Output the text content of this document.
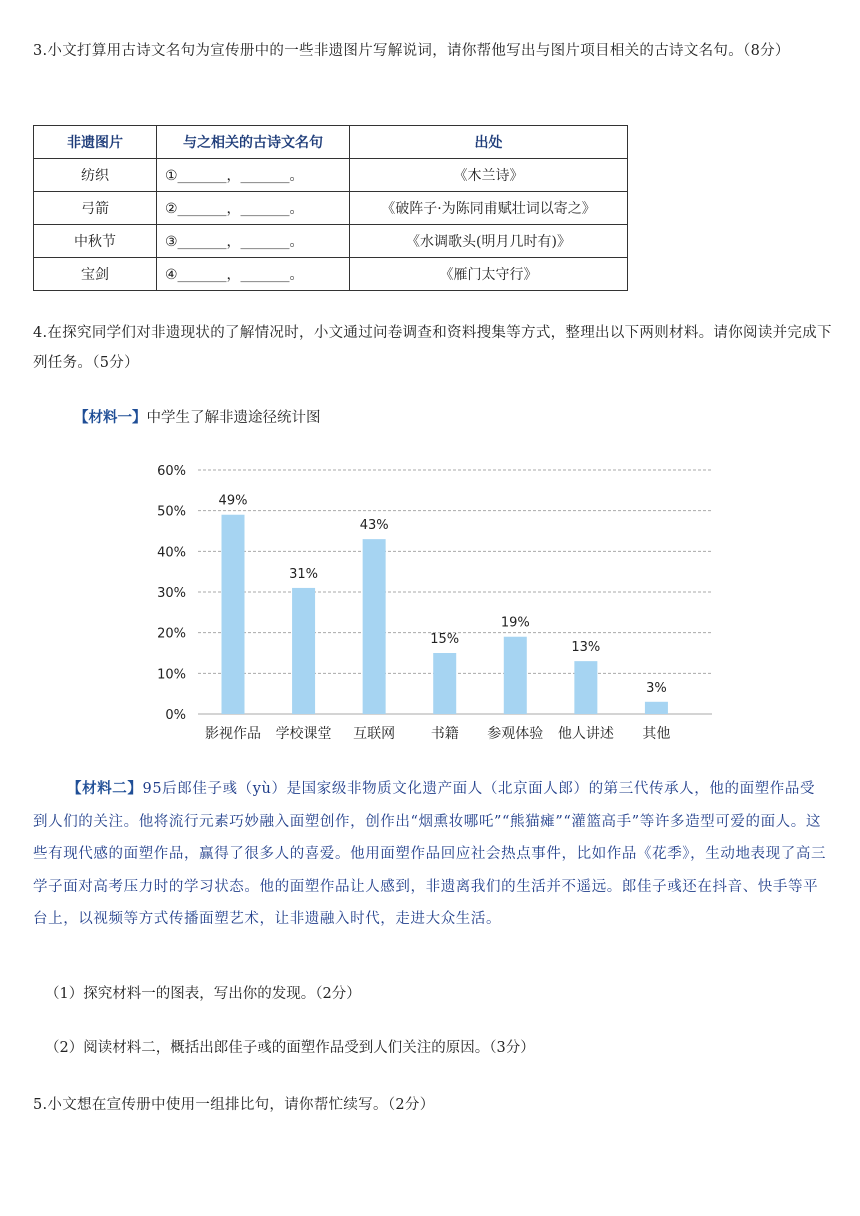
3.小文打算用古诗文名句为宣传册中的一些非遗图片写解说词，请你帮他写出与图片项目相关的古诗文名句。（8分）
非遗图片	与之相关的古诗文名句	出处
纺织	①_______，_______。	《木兰诗》
弓箭	②_______，_______。	《破阵子·为陈同甫赋壮词以寄之》
中秋节	③_______，_______。	《水调歌头(明月几时有)》
宝剑	④_______，_______。	《雁门太守行》
4.在探究同学们对非遗现状的了解情况时，小文通过问卷调查和资料搜集等方式，整理出以下两则材料。请你阅读并完成下列任务。（5分）
【材料一】中学生了解非遗途径统计图
0%
10%
20%
30%
40%
50%
60%
49%
31%
43%
15%
19%
13%
3%
影视作品 学校课堂 互联网	书籍 参观体验 他人讲述 其他
【材料二】95后郎佳子彧（yù）是国家级非物质文化遗产面人（北京面人郎）的第三代传承人，他的面塑作品受到人们的关注。他将流行元素巧妙融入面塑创作，创作出“烟熏妆哪吒”“熊猫瘫”“灌篮高手”等许多造型可爱的面人。这些有现代感的面塑作品，赢得了很多人的喜爱。他用面塑作品回应社会热点事件，比如作品《花季》，生动地表现了高三学子面对高考压力时的学习状态。他的面塑作品让人感到，非遗离我们的生活并不遥远。郎佳子彧还在抖音、快手等平台上，以视频等方式传播面塑艺术，让非遗融入时代，走进大众生活。
（1）探究材料一的图表，写出你的发现。（2分）
（2）阅读材料二，概括出郎佳子彧的面塑作品受到人们关注的原因。（3分）
5.小文想在宣传册中使用一组排比句，请你帮忙续写。（2分）
